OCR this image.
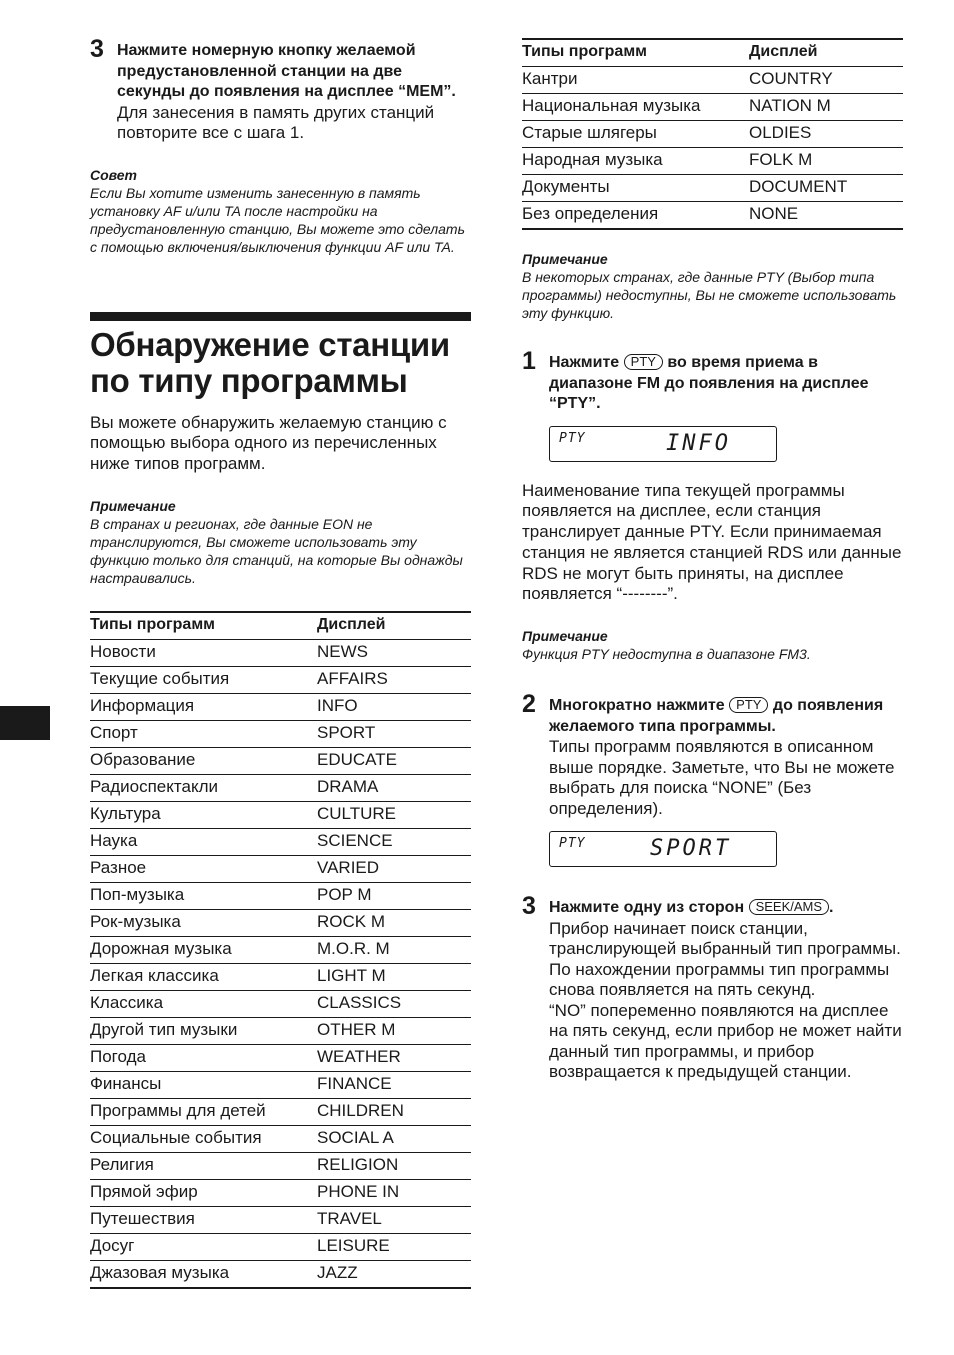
3 Нажмите номерную кнопку желаемой предустановленной станции на две секунды до появления на дисплее “MEM”.
Для занесения в память других станций повторите все с шага 1.
Совет
Если Вы хотите изменить занесенную в память установку AF и/или TA после настройки на предустановленную станцию, Вы можете это сделать с помощью включения/выключения функции AF или TA.
Обнаружение станции по типу программы
Вы можете обнаружить желаемую станцию с помощью выбора одного из перечисленных ниже типов программ.
Примечание
В странах и регионах, где данные EON не транслируются, Вы сможете использовать эту функцию только для станций, на которые Вы однажды настраивались.
Типы программ	Дисплей
Новости	NEWS
Текущие события	AFFAIRS
Информация	INFO
Спорт	SPORT
Образование	EDUCATE
Радиоспектакли	DRAMA
Культура	CULTURE
Наука	SCIENCE
Разное	VARIED
Поп-музыка	POP M
Рок-музыка	ROCK M
Дорожная музыка	M.O.R. M
Легкая классика	LIGHT M
Классика	CLASSICS
Другой тип музыки	OTHER M
Погода	WEATHER
Финансы	FINANCE
Программы для детей	CHILDREN
Социальные события	SOCIAL A
Религия	RELIGION
Прямой эфир	PHONE IN
Путешествия	TRAVEL
Досуг	LEISURE
Джазовая музыка	JAZZ
Типы программ	Дисплей
Кантри	COUNTRY
Национальная музыка	NATION M
Старые шлягеры	OLDIES
Народная музыка	FOLK M
Документы	DOCUMENT
Без определения	NONE
Примечание
В некоторых странах, где данные PTY (Выбор типа программы) недоступны, Вы не сможете использовать эту функцию.
1 Нажмите PTY во время приема в диапазоне FM до появления на дисплее “PTY”.
PTY	INFO
Наименование типа текущей программы появляется на дисплее, если станция транслирует данные PTY. Если принимаемая станция не является станцией RDS или данные RDS не могут быть приняты, на дисплее появляется “--------”.
Примечание
Функция PTY недоступна в диапазоне FM3.
2 Многократно нажмите PTY до появления желаемого типа программы.
Типы программ появляются в описанном выше порядке. Заметьте, что Вы не можете выбрать для поиска “NONE” (Без определения).
PTY	SPORT
3 Нажмите одну из сторон SEEK/AMS .
Прибор начинает поиск станции, транслирующей выбранный тип программы. По нахождении программы тип программы снова появляется на пять секунд.
“NO” попеременно появляются на дисплее на пять секунд, если прибор не может найти данный тип программы, и прибор возвращается к предыдущей станции.
